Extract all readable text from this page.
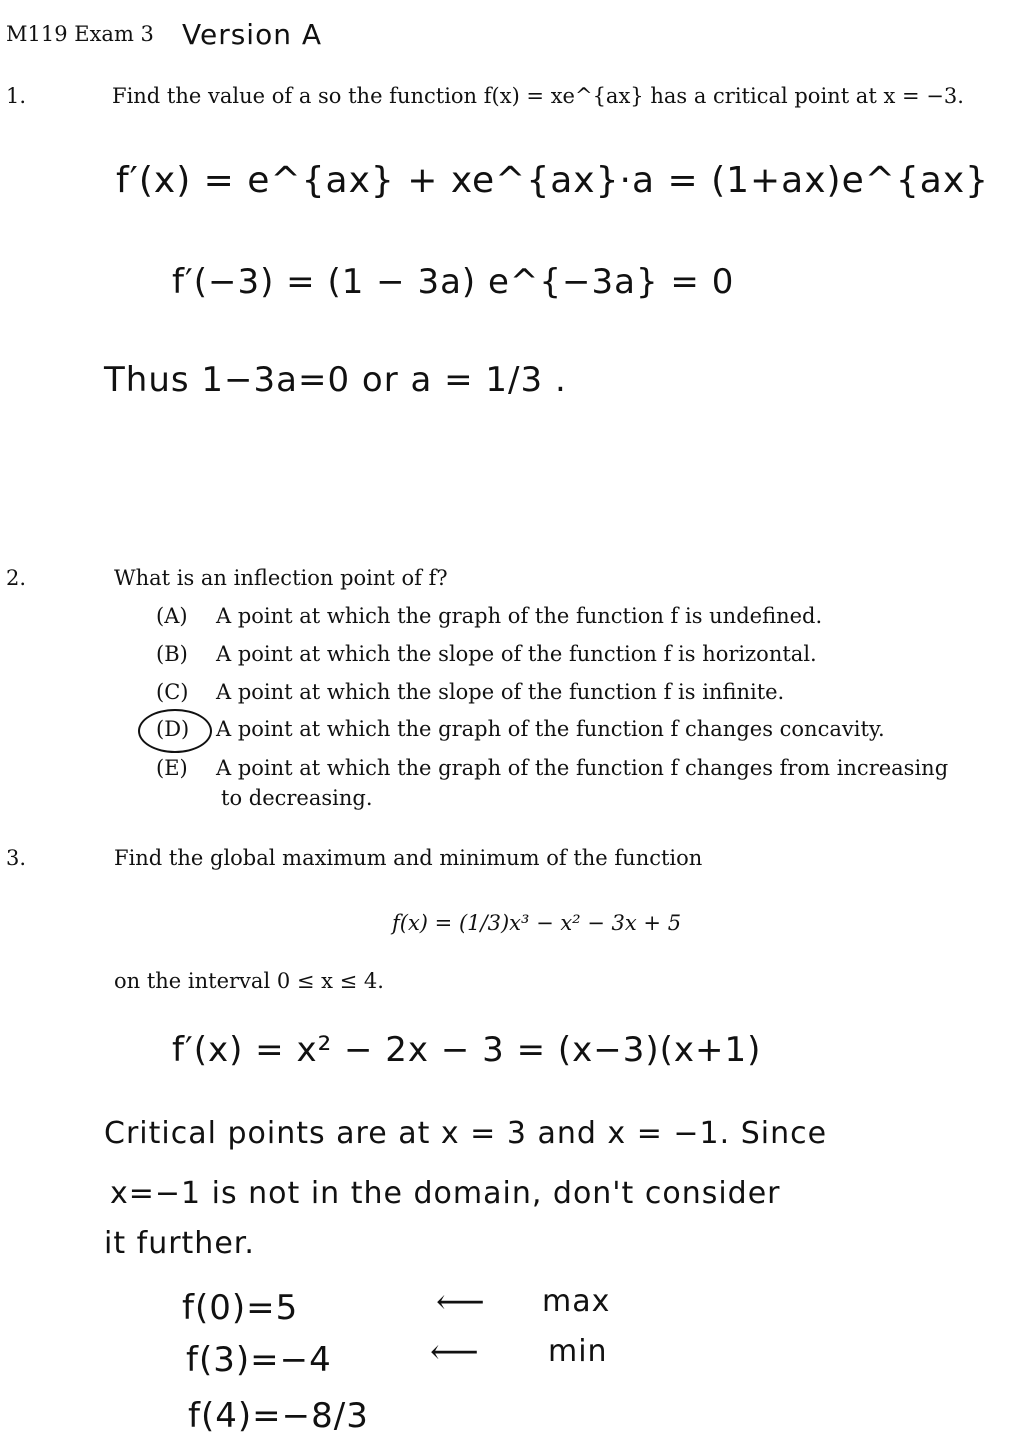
M119 Exam 3 Version A
1.	Find the value of a so the function f(x) = xe^{ax} has a critical point at x = −3.
f′(x) = e^{ax} + xe^{ax}·a = (1+ax)e^{ax}
f′(−3) = (1 − 3a) e^{−3a} = 0
Thus 1−3a=0 or a = 1/3 .
2.	What is an inflection point of f?
(A) A point at which the graph of the function f is undefined.
(B) A point at which the slope of the function f is horizontal.
(C) A point at which the slope of the function f is infinite.
(D) A point at which the graph of the function f changes concavity.
(E) A point at which the graph of the function f changes from increasing
to decreasing.
3.	Find the global maximum and minimum of the function
f(x) = (1/3)x³ − x² − 3x + 5
on the interval 0 ≤ x ≤ 4.
f′(x) = x² − 2x − 3 = (x−3)(x+1)
Critical points are at x = 3 and x = −1. Since
x=−1 is not in the domain, don't consider
it further.
f(0)=5	⟵ max
f(3)=−4	⟵ min
f(4)=−8/3
